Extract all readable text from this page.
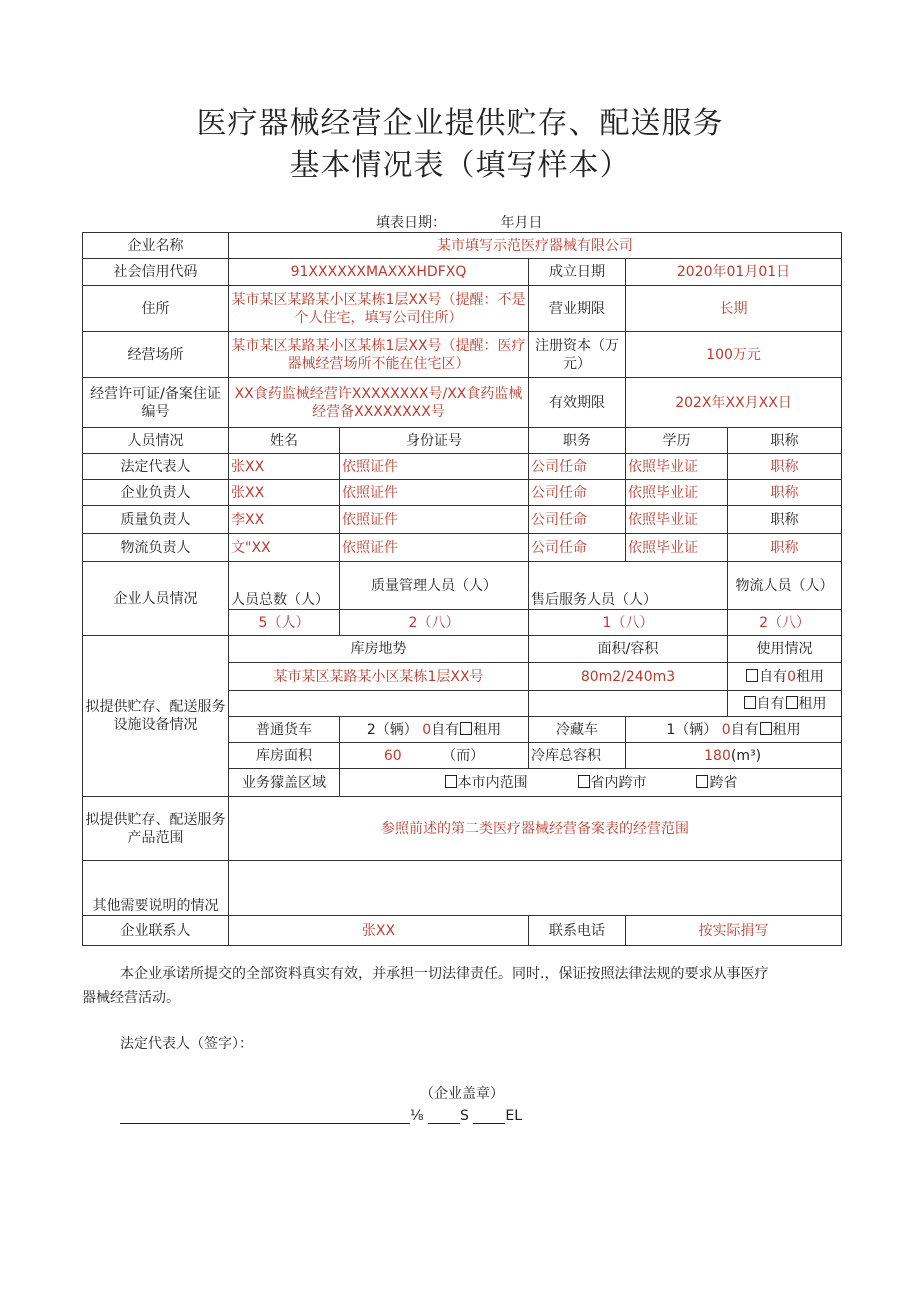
医疗器械经营企业提供贮存、配送服务
基本情况表（填写样本）
填表日期：	年月日
企业名称	某市填写示范医疗器械有限公司				
社会信用代码	91XXXXXXMAXXXHDFXQ		成立日期	2020年01月01日	
住所	某市某区某路某小区某栋1层XX号（提醒：不是个人住宅，填写公司住所）		营业期限	长期	
经营场所	某市某区某路某小区某栋1层XX号（提醒：医疗器械经营场所不能在住宅区）		注册资本（万元）	100万元	
经营许可证/备案住证编号	XX食药监械经营许XXXXXXXX号/XX食药监械经营备XXXXXXXX号		有效期限	202X年XX月XX日	
人员情况	姓名	身份证号	职务	学历	职称
法定代表人	张XX	依照证件	公司任命	依照毕业证	职称
企业负责人	张XX	依照证件	公司任命	依照毕业证	职称
质量负责人	李XX	依照证件	公司任命	依照毕业证	职称
物流负责人	文"XX	依照证件	公司任命	依照毕业证	职称
企业人员情况	人员总数（人）	质量管理人员（人）	售后服务人员（人）		物流人员（人）
	5（人）	2（八）	1（八）		2（八）
拟提供贮存、配送服务设施设备情况	库房地势		面积/容积		使用情况
	某市某区某路某小区某栋1层XX号		80m2/240m3		自有0租用
					自有 租用
	普通货车	2（辆） 0自有 租用	冷藏车	1（辆） 0自有 租用	
	库房面积	60 （而）	冷库总容积	180(m³)	
	业务獴盖区域	本市内范围 省内跨市 跨省			
拟提供贮存、配送服务产品范围	参照前述的第二类医疗器械经营备案表的经营范围				
其他需要说明的情况					
企业联系人	张XX		联系电话	按实际捐写	
本企业承诺所提交的全部资料真实有效，并承担一切法律责任。同时.，保证按照法律法规的要求从事医疗
器械经营活动。
法定代表人（签字）：
（企业盖章）
⅛	S	EL
